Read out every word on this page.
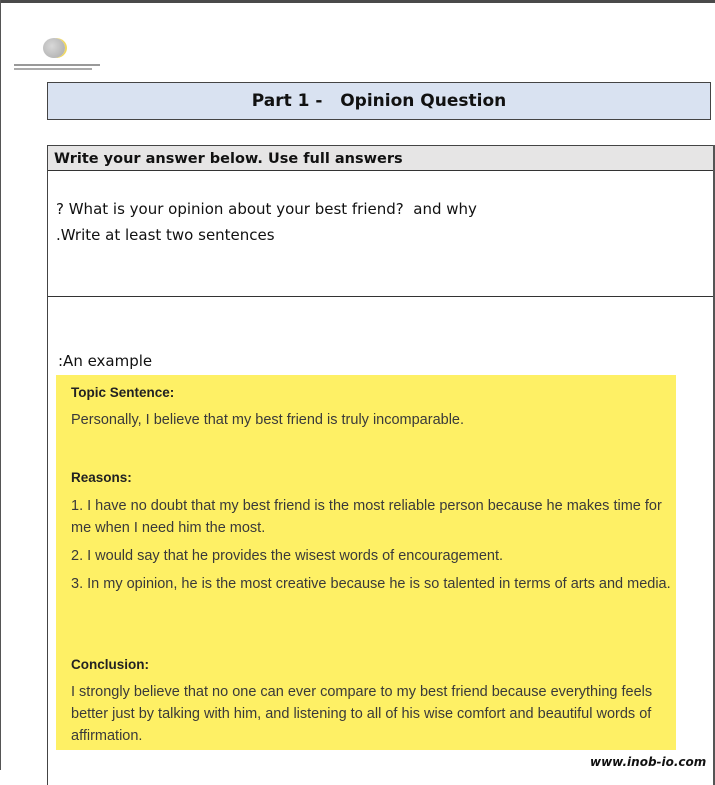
Part 1 -   Opinion Question
Write your answer below. Use full answers
? What is your opinion about your best friend?  and why
.Write at least two sentences
:An example
Topic Sentence:
Personally, I believe that my best friend is truly incomparable.
Reasons:
1. I have no doubt that my best friend is the most reliable person because he makes time for me when I need him the most.
2. I would say that he provides the wisest words of encouragement.
3. In my opinion, he is the most creative because he is so talented in terms of arts and media.
Conclusion:
I strongly believe that no one can ever compare to my best friend because everything feels better just by talking with him, and listening to all of his wise comfort and beautiful words of affirmation.
www.inob-io.com
